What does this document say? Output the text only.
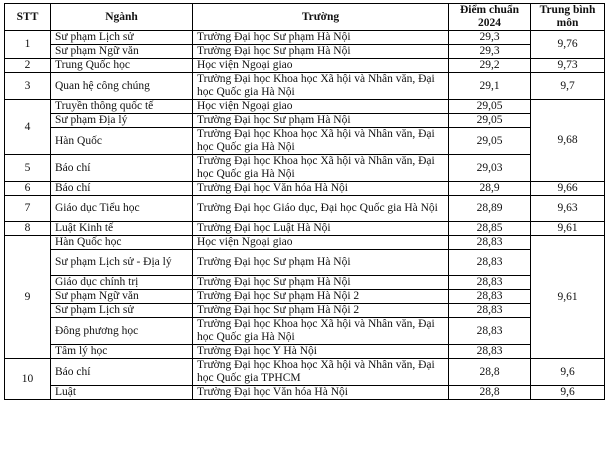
STT	Ngành	Trường	Điểm chuẩn 2024	Trung bình môn
1	Sư phạm Lịch sử	Trường Đại học Sư phạm Hà Nội	29,3	9,76
	Sư phạm Ngữ văn	Trường Đại học Sư phạm Hà Nội	29,3	
2	Trung Quốc học	Học viện Ngoại giao	29,2	9,73
3	Quan hệ công chúng	Trường Đại học Khoa học Xã hội và Nhân văn, Đại học Quốc gia Hà Nội	29,1	9,7
4	Truyền thông quốc tế	Học viện Ngoại giao	29,05	9,68
	Sư phạm Địa lý	Trường Đại học Sư phạm Hà Nội	29,05	
	Hàn Quốc	Trường Đại học Khoa học Xã hội và Nhân văn, Đại học Quốc gia Hà Nội	29,05	
5	Báo chí	Trường Đại học Khoa học Xã hội và Nhân văn, Đại học Quốc gia Hà Nội	29,03	
6	Báo chí	Trường Đại học Văn hóa Hà Nội	28,9	9,66
7	Giáo dục Tiểu học	Trường Đại học Giáo dục, Đại học Quốc gia Hà Nội	28,89	9,63
8	Luật Kinh tế	Trường Đại học Luật Hà Nội	28,85	9,61
9	Hàn Quốc học	Học viện Ngoại giao	28,83	9,61
	Sư phạm Lịch sử - Địa lý	Trường Đại học Sư phạm Hà Nội	28,83	
	Giáo dục chính trị	Trường Đại học Sư phạm Hà Nội	28,83	
	Sư phạm Ngữ văn	Trường Đại học Sư phạm Hà Nội 2	28,83	
	Sư phạm Lịch sử	Trường Đại học Sư phạm Hà Nội 2	28,83	
	Đông phương học	Trường Đại học Khoa học Xã hội và Nhân văn, Đại học Quốc gia Hà Nội	28,83	
	Tâm lý học	Trường Đại học Y Hà Nội	28,83	
10	Báo chí	Trường Đại học Khoa học Xã hội và Nhân văn, Đại học Quốc gia TPHCM	28,8	9,6
	Luật	Trường Đại học Văn hóa Hà Nội	28,8	9,6
